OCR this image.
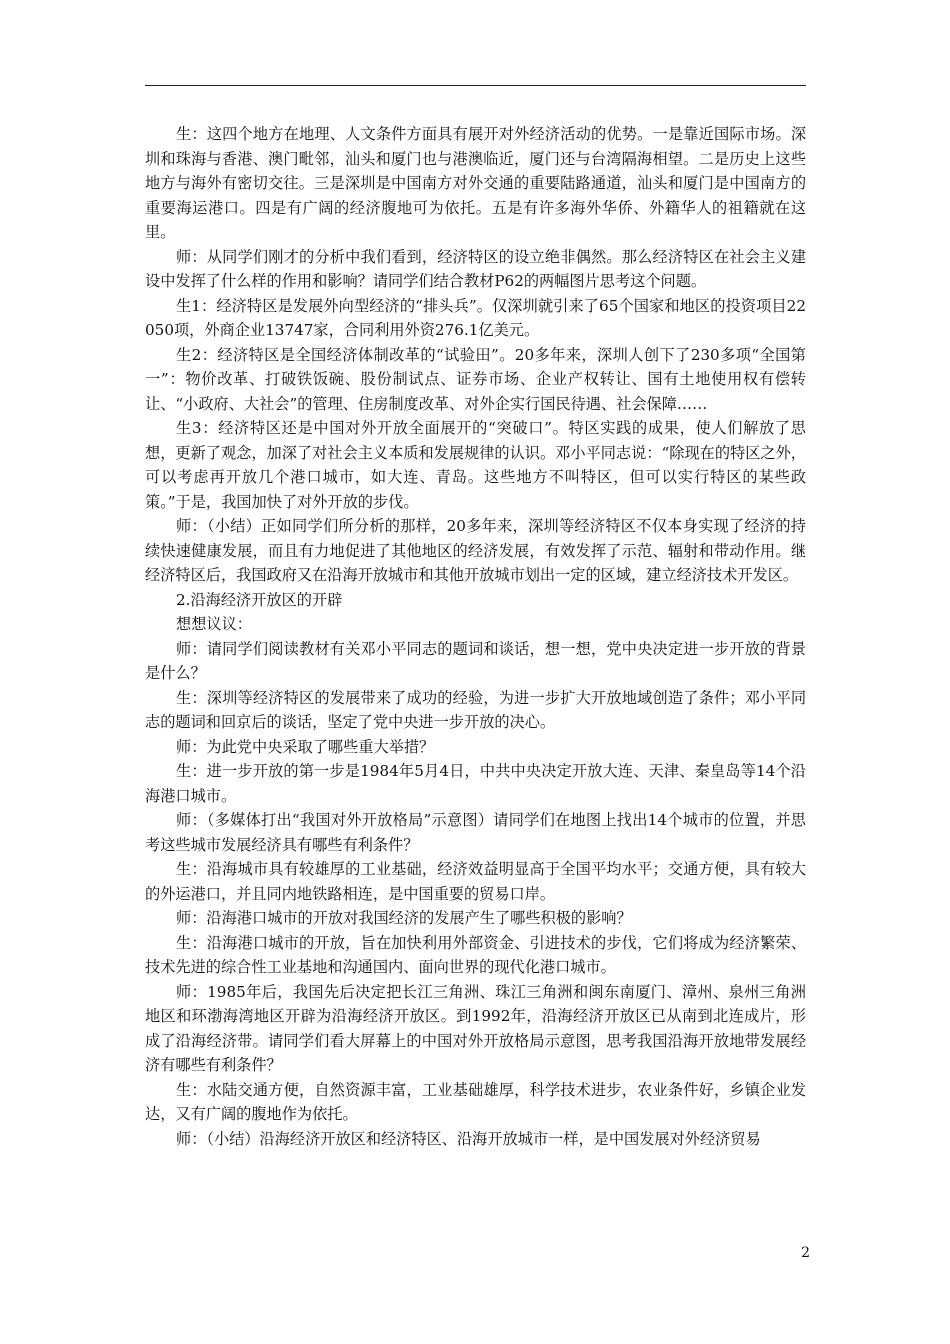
生：这四个地方在地理、人文条件方面具有展开对外经济活动的优势。一是靠近国际市场。深圳和珠海与香港、澳门毗邻，汕头和厦门也与港澳临近，厦门还与台湾隔海相望。二是历史上这些地方与海外有密切交往。三是深圳是中国南方对外交通的重要陆路通道，汕头和厦门是中国南方的重要海运港口。四是有广阔的经济腹地可为依托。五是有许多海外华侨、外籍华人的祖籍就在这里。

师：从同学们刚才的分析中我们看到，经济特区的设立绝非偶然。那么经济特区在社会主义建设中发挥了什么样的作用和影响？请同学们结合教材P62的两幅图片思考这个问题。

生1：经济特区是发展外向型经济的“排头兵”。仅深圳就引来了65个国家和地区的投资项目22050项，外商企业13747家，合同利用外资276.1亿美元。

生2：经济特区是全国经济体制改革的“试验田”。20多年来，深圳人创下了230多项“全国第一”：物价改革、打破铁饭碗、股份制试点、证券市场、企业产权转让、国有土地使用权有偿转让、“小政府、大社会”的管理、住房制度改革、对外企实行国民待遇、社会保障……

生3：经济特区还是中国对外开放全面展开的“突破口”。特区实践的成果，使人们解放了思想，更新了观念，加深了对社会主义本质和发展规律的认识。邓小平同志说：“除现在的特区之外，可以考虑再开放几个港口城市，如大连、青岛。这些地方不叫特区，但可以实行特区的某些政策。”于是，我国加快了对外开放的步伐。

师：（小结）正如同学们所分析的那样，20多年来，深圳等经济特区不仅本身实现了经济的持续快速健康发展，而且有力地促进了其他地区的经济发展，有效发挥了示范、辐射和带动作用。继经济特区后，我国政府又在沿海开放城市和其他开放城市划出一定的区域，建立经济技术开发区。

2.沿海经济开放区的开辟

想想议议：

师：请同学们阅读教材有关邓小平同志的题词和谈话，想一想，党中央决定进一步开放的背景是什么？

生：深圳等经济特区的发展带来了成功的经验，为进一步扩大开放地域创造了条件；邓小平同志的题词和回京后的谈话，坚定了党中央进一步开放的决心。

师：为此党中央采取了哪些重大举措？

生：进一步开放的第一步是1984年5月4日，中共中央决定开放大连、天津、秦皇岛等14个沿海港口城市。

师：（多媒体打出“我国对外开放格局”示意图）请同学们在地图上找出14个城市的位置，并思考这些城市发展经济具有哪些有利条件？

生：沿海城市具有较雄厚的工业基础，经济效益明显高于全国平均水平；交通方便，具有较大的外运港口，并且同内地铁路相连，是中国重要的贸易口岸。

师：沿海港口城市的开放对我国经济的发展产生了哪些积极的影响？

生：沿海港口城市的开放，旨在加快利用外部资金、引进技术的步伐，它们将成为经济繁荣、技术先进的综合性工业基地和沟通国内、面向世界的现代化港口城市。

师：1985年后，我国先后决定把长江三角洲、珠江三角洲和闽东南厦门、漳州、泉州三角洲地区和环渤海湾地区开辟为沿海经济开放区。到1992年，沿海经济开放区已从南到北连成片，形成了沿海经济带。请同学们看大屏幕上的中国对外开放格局示意图，思考我国沿海开放地带发展经济有哪些有利条件？

生：水陆交通方便，自然资源丰富，工业基础雄厚，科学技术进步，农业条件好，乡镇企业发达，又有广阔的腹地作为依托。

师：（小结）沿海经济开放区和经济特区、沿海开放城市一样，是中国发展对外经济贸易

2
